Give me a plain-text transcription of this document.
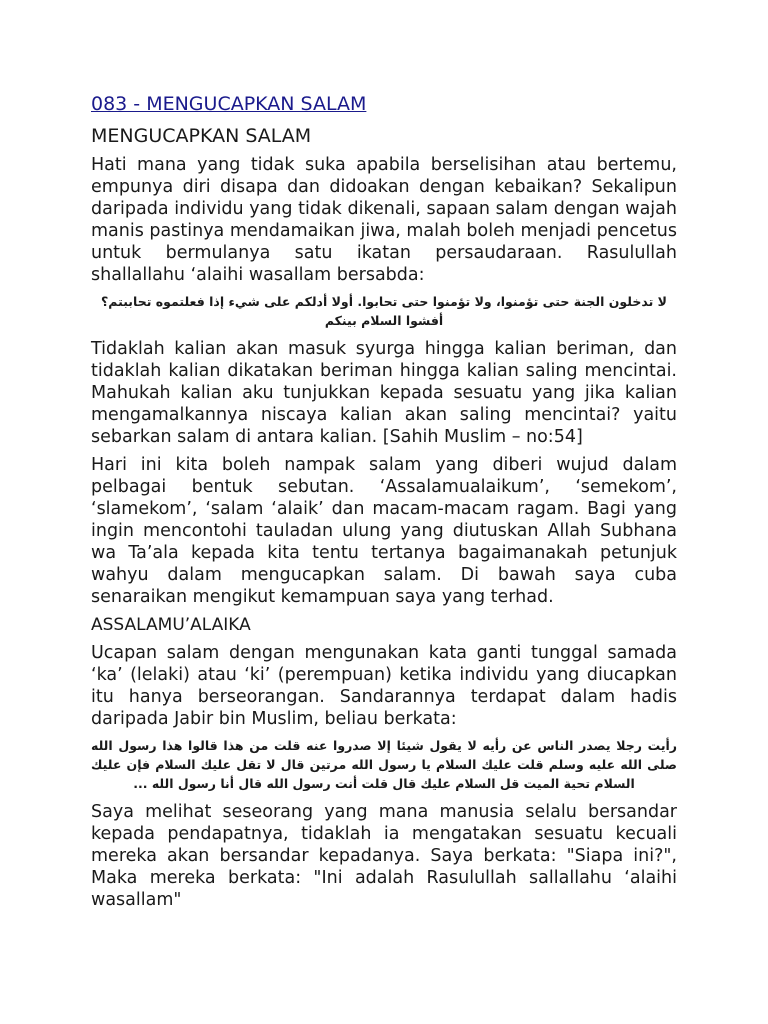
083 - MENGUCAPKAN SALAM
MENGUCAPKAN SALAM

Hati mana yang tidak suka apabila berselisihan atau bertemu, empunya diri disapa dan didoakan dengan kebaikan? Sekalipun daripada individu yang tidak dikenali, sapaan salam dengan wajah manis pastinya mendamaikan jiwa, malah boleh menjadi pencetus untuk bermulanya satu ikatan persaudaraan. Rasulullah shallallahu ‘alaihi wasallam bersabda:

لا تدخلون الجنة حتى تؤمنوا، ولا تؤمنوا حتى تحابوا. أولا أدلكم على شيء إذا فعلتموه تحاببتم؟ أفشوا السلام بينكم

Tidaklah kalian akan masuk syurga hingga kalian beriman, dan tidaklah kalian dikatakan beriman hingga kalian saling mencintai. Mahukah kalian aku tunjukkan kepada sesuatu yang jika kalian mengamalkannya niscaya kalian akan saling mencintai? yaitu sebarkan salam di antara kalian. [Sahih Muslim – no:54]

Hari ini kita boleh nampak salam yang diberi wujud dalam pelbagai bentuk sebutan. ‘Assalamualaikum’, ‘semekom’, ‘slamekom’, ‘salam ‘alaik’ dan macam-macam ragam. Bagi yang ingin mencontohi tauladan ulung yang diutuskan Allah Subhana wa Ta’ala kepada kita tentu tertanya bagaimanakah petunjuk wahyu dalam mengucapkan salam. Di bawah saya cuba senaraikan mengikut kemampuan saya yang terhad.

ASSALAMU’ALAIKA

Ucapan salam dengan mengunakan kata ganti tunggal samada ‘ka’ (lelaki) atau ‘ki’ (perempuan) ketika individu yang diucapkan itu hanya berseorangan. Sandarannya terdapat dalam hadis daripada Jabir bin Muslim, beliau berkata:

رأيت رجلا يصدر الناس عن رأيه لا يقول شيئا إلا صدروا عنه قلت من هذا قالوا هذا رسول الله صلى الله عليه وسلم قلت عليك السلام يا رسول الله مرتين قال لا تقل عليك السلام فإن عليك السلام تحية الميت قل السلام عليك قال قلت أنت رسول الله قال أنا رسول الله ...

Saya melihat seseorang yang mana manusia selalu bersandar kepada pendapatnya, tidaklah ia mengatakan sesuatu kecuali mereka akan bersandar kepadanya. Saya berkata: "Siapa ini?", Maka mereka berkata: "Ini adalah Rasulullah sallallahu ‘alaihi wasallam"
